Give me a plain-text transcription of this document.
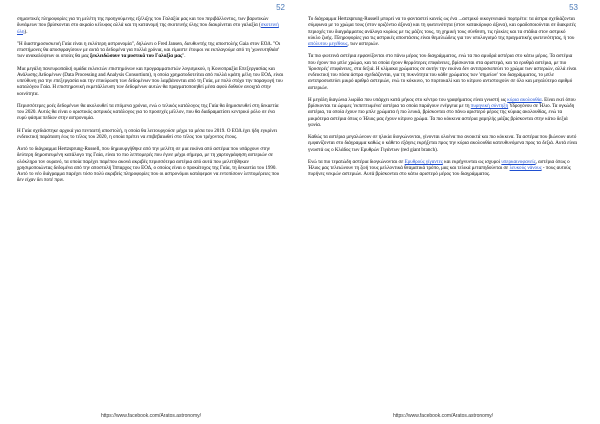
52

σημαντικές πληροφορίες για τη μελέτη της προηγούμενης εξέλιξης του Γαλαξία μας και του περιβάλλοντος, των βαρυτικών δυνάμεων που βρίσκονται στο ακραίο κέλυφος αλλά και τη κατανομή της σκοτεινής ύλης που διακρίνεται στο γαλαξία (σκοτεινή ύλη).

"Η διαστημοσυσκευή Γαία είναι η εκλύτερη αστρονομία", δηλώνει ο Fred Jansen, διευθυντής της αποστολής Gaia στον ΕΟΔ. "Οι επιστήμονες θα αποσφραγίσουν με αυτά τα δεδομένα για πολλά χρόνια, και είμαστε έτοιμοι να εκπλαγούμε από τη 'χωνευτηθιάσ' των ανακαλύψεων οι οποίες θα μας ξεκλειδώσουν τα μυστικά του Γαλαξία μας".

Μια μεγάλη πανευρωπαϊκή ομάδα εκλεκτών επιστημόνων και προγραμματιστών λογισμικού, η Κοινοπραξία Επεξεργασίας και Ανάλυσης Δεδομένων (Data Processing and Analysis Consortium), η οποία χρηματοδοτείται από πολλά κράτη μέλη του ΕΟΔ, είναι υπεύθυνη για την επεξεργασία και την επικύρωση των δεδομένων που λαμβάνονται από τη Γαία, με πολύ στόχο την παραγωγή του καταλόγου Γαία. Η επιστημονική εκμετάλλευση των δεδομένων αυτών θα πραγματοποιηθεί μέσα αφού δοθούν ανοιχτά στην κοινότητα.

Περισσότερες ροές δεδομένων θα ακολουθεί τα επόμενα χρόνια, ενώ ο τελικός κατάλογος της Γαία θα δημοσιευθεί στη δεκαετία του 2020. Αυτός θα είναι ο οριστικός αστρικός κατάλογος για το προσεχές μέλλον, που θα διαδραματίσει κεντρικό ρόλο σε ένα ευρύ φάσμα πεδίων στην αστρονομία.

Η Γαία σχεδιάστηκε αρχικά για πενταετή αποστολή, η οποία θα λειτουργούσε μέχρι τα μέσα του 2019. Ο ΕΟΔ έχει ήδη εγκρίνει ενδεικτική παράταση έως το τέλος του 2020, η οποία πρέπει να επιβεβαιωθεί στο τέλος του τρέχοντος έτους.

Αυτό το διάγραμμα Hertzsprung-Russell, που δημιουργήθηκε από την μελέτη σε μια εικόνα από αστέρια που υπάρχουν στην δεύτερη δημοσιευμένη κατάλογο της Γαία, είναι το πιο λεπτομερές που έγινε μέχρι σήμερα, με τη χαρτογράφηση αστεριών σε ολόκληρο τον ουρανό, τα οποία παρέχει παρέπου ακονά ακριβές περισσότερα αστέρια από αυτά που μελετήθηκαν χρησιμοποιώντας δεδομένα από την αποστολή Ίππαρχος του ΕΟΔ, ο οποίος είναι ο προκάτοχος της Γαία, τη δεκαετία του 1990. Αυτό το νέο διάγραμμα παρέχει τόσο πολύ ακριβείς πληροφορίες που οι αστρονόμοι κατάφεραν να εντοπίσουν λεπτομέρειες που δεν είχαν δει ποτέ πριν.

https://www.facebook.com/Aratos.astronomy/
53

Το διάγραμμα Hertzsprung-Russell μπορεί να το φανταστεί κανείς ως ένα ...αστρικό οικογενειακό πορτρέτο: τα άστρα σχεδιάζονται σύμφωνα με το χρώμα τους (στον οριζόντιο άξονα) και τη φωτεινότητα (στον κατακόρυφο άξονα), και ομαδοποιούνται σε διακριτές περιοχές του διαγράμματος ανάλογα κυρίως με τις μάζες τους, τη χημική τους σύνθεση, τις ηλικίες και τα στάδια στον αστρικό κύκλο ζωής. Πληροφορίες για τις αστρικές αποστάσεις είναι θεμελιώδεις για τον υπολογισμό της πραγματικής φωτεινότητας, ή του απόλυτου μεγέθους, των αστεριών.

Τα πιο φωτεινά αστέρια εμφανίζονται στο πάνω μέρος του διαγράμματος, ενώ τα πιο αμυδρά αστέρια στο κάτω μέρος. Τα αστέρια που έχουν πιο μπλε χρώμα, και τα οποία έχουν θερμότερες επιφάνειες, βρίσκονται στα αριστερά, και τα ερυθρά αστέρια, με πιο 'δροσερές' επιφάνειες, στα δεξιά. Η κλίμακα χρώματος σε αυτήν την εικόνα δεν αντιπροσωπεύει το χρώμα των αστεριών, αλλά είναι ενδεικτική του πόσα άστρα σχεδιάζονται, για τη πυκνότητα του κάθε χρώματος των 'σημείων' του διαγράμματος, το μπλε αντιπροσωπεύει μικρό αριθμό αστεριών, ενώ το κόκκινο, το πορτοκαλί και το κίτρινο αντιστοιχούν σε όλο και μεγαλύτερο αριθμό αστεριών.

Η μεγάλη διαγώνια λωρίδα που υπάρχει κατά μήκος στο κέντρο του γραφήματος είναι γνωστή ως κύρια ακολουθία. Είναι εκεί όπου βρίσκονται τα ώριμες 'εκπεπτωμένα' αστέρια τα οποία παράγουν ενέργεια με τη πυρηνική σύντηξη Υδρογόνου σε Ήλιο. Τα ογκώδη αστέρια, τα οποία έχουν πιο μπλε χρώματα ή πιο λευκά, βρίσκονται στο πάνω αριστερό μέρος της κύριας ακολουθίας, ενώ τα μικρότερα αστέρια όπως ο Ήλιος μας έχουν κίτρινο χρώμα. Τα πιο κόκκινα αστέρια χαμηλής μάζας βρίσκονται στην κάτω δεξιά γωνία.

Καθώς τα αστέρια μεγαλώνουν σε ηλικία διογκώνονται, γίνονται ολοένα πιο ανοικτά και πιο κόκκινα. Τα αστέρια που βιώνουν αυτό εμφανίζονται στο διάγραμμα καθώς ο κάθετο εξάγεις εκρήξεται προς την κύρια ακολουθία κατευθυνόμενα προς τα δεξιά. Αυτά είναι γνωστά ως ο Κλάδος των Ερυθρών Γιγάντων (red giant branch).

Ενώ τα πιο τερατώδη αστέρια διογκώνονται σε Ερυθρούς γίγαντες και εκρήγνυνται ως ισχυροί υπερκαινοφανείς, αστέρια όπως ο Ήλιος μας τελειώνουν τη ζωή τους μελλοντικά θεαματικά τρόπο, μας και τελικά μεταπηδούνται σε λευκούς νάνους - πους αυτούς πυρήνες νεκρών αστεριών. Αυτά βρίσκονται στο κάτω αριστερό μέρος του διαγράμματος.

https://www.facebook.com/Aratos.astronomy/
